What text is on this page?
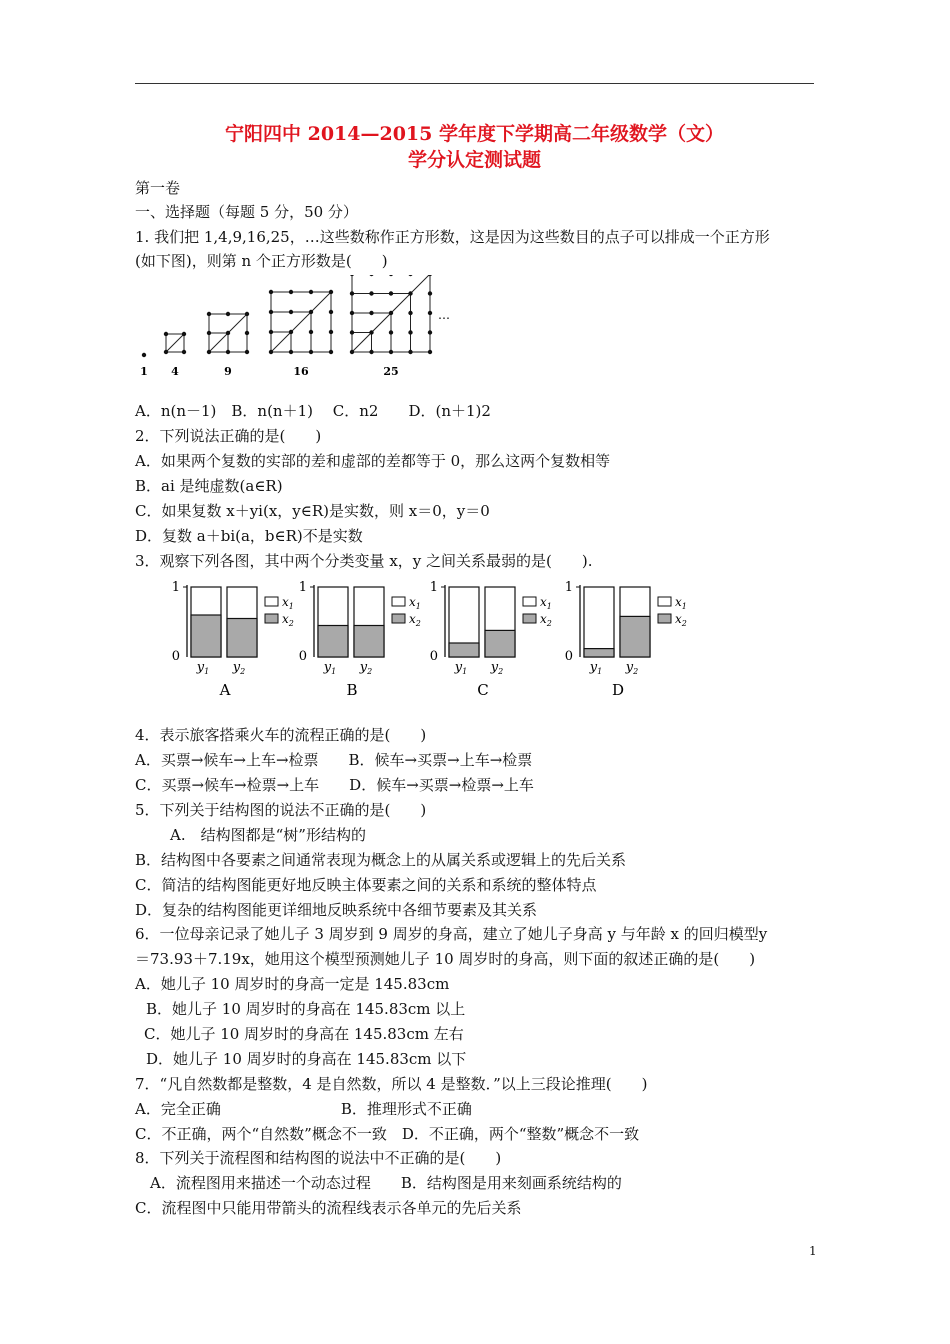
宁阳四中 2014—2015 学年度下学期高二年级数学（文）
学分认定测试题
第一卷
一、选择题（每题 5 分，50 分）
1. 我们把 1,4,9,16,25，…这些数称作正方形数，这是因为这些数目的点子可以排成一个正方形
(如下图)，则第 n 个正方形数是(　　)
1 4	9	16	25
…
A．n(n－1)　B．n(n＋1)　 C．n2　　D．(n＋1)2
2．下列说法正确的是(　　)
A．如果两个复数的实部的差和虚部的差都等于 0，那么这两个复数相等
B．ai 是纯虚数(a∈R)
C．如果复数 x＋yi(x，y∈R)是实数，则 x＝0，y＝0
D．复数 a＋bi(a，b∈R)不是实数
3．观察下列各图，其中两个分类变量 x，y 之间关系最弱的是(　　).
1
0
$y_1$ $y_2$
$x_1$
$x_2$
A
1
0
$y_1$ $y_2$
$x_1$
$x_2$
B
1
0
$y_1$ $y_2$
$x_1$
$x_2$
C
1
0
$y_1$ $y_2$
$x_1$
$x_2$
D
4．表示旅客搭乘火车的流程正确的是(　　)
A．买票→候车→上车→检票　　B．候车→买票→上车→检票
C．买票→候车→检票→上车　　D．候车→买票→检票→上车
5．下列关于结构图的说法不正确的是(　　)
A.　结构图都是“树”形结构的
B．结构图中各要素之间通常表现为概念上的从属关系或逻辑上的先后关系
C．简洁的结构图能更好地反映主体要素之间的关系和系统的整体特点
D．复杂的结构图能更详细地反映系统中各细节要素及其关系
6．一位母亲记录了她儿子 3 周岁到 9 周岁的身高，建立了她儿子身高 y 与年龄 x 的回归模型y
＝73.93＋7.19x，她用这个模型预测她儿子 10 周岁时的身高，则下面的叙述正确的是(　　)
A．她儿子 10 周岁时的身高一定是 145.83cm
B．她儿子 10 周岁时的身高在 145.83cm 以上
C．她儿子 10 周岁时的身高在 145.83cm 左右
D．她儿子 10 周岁时的身高在 145.83cm 以下
7．“凡自然数都是整数，4 是自然数，所以 4 是整数．”以上三段论推理(　　)
A．完全正确　　　　　　　　B．推理形式不正确
C．不正确，两个“自然数”概念不一致　D．不正确，两个“整数”概念不一致
8．下列关于流程图和结构图的说法中不正确的是(　　)
A．流程图用来描述一个动态过程　　B．结构图是用来刻画系统结构的
C．流程图中只能用带箭头的流程线表示各单元的先后关系
1
